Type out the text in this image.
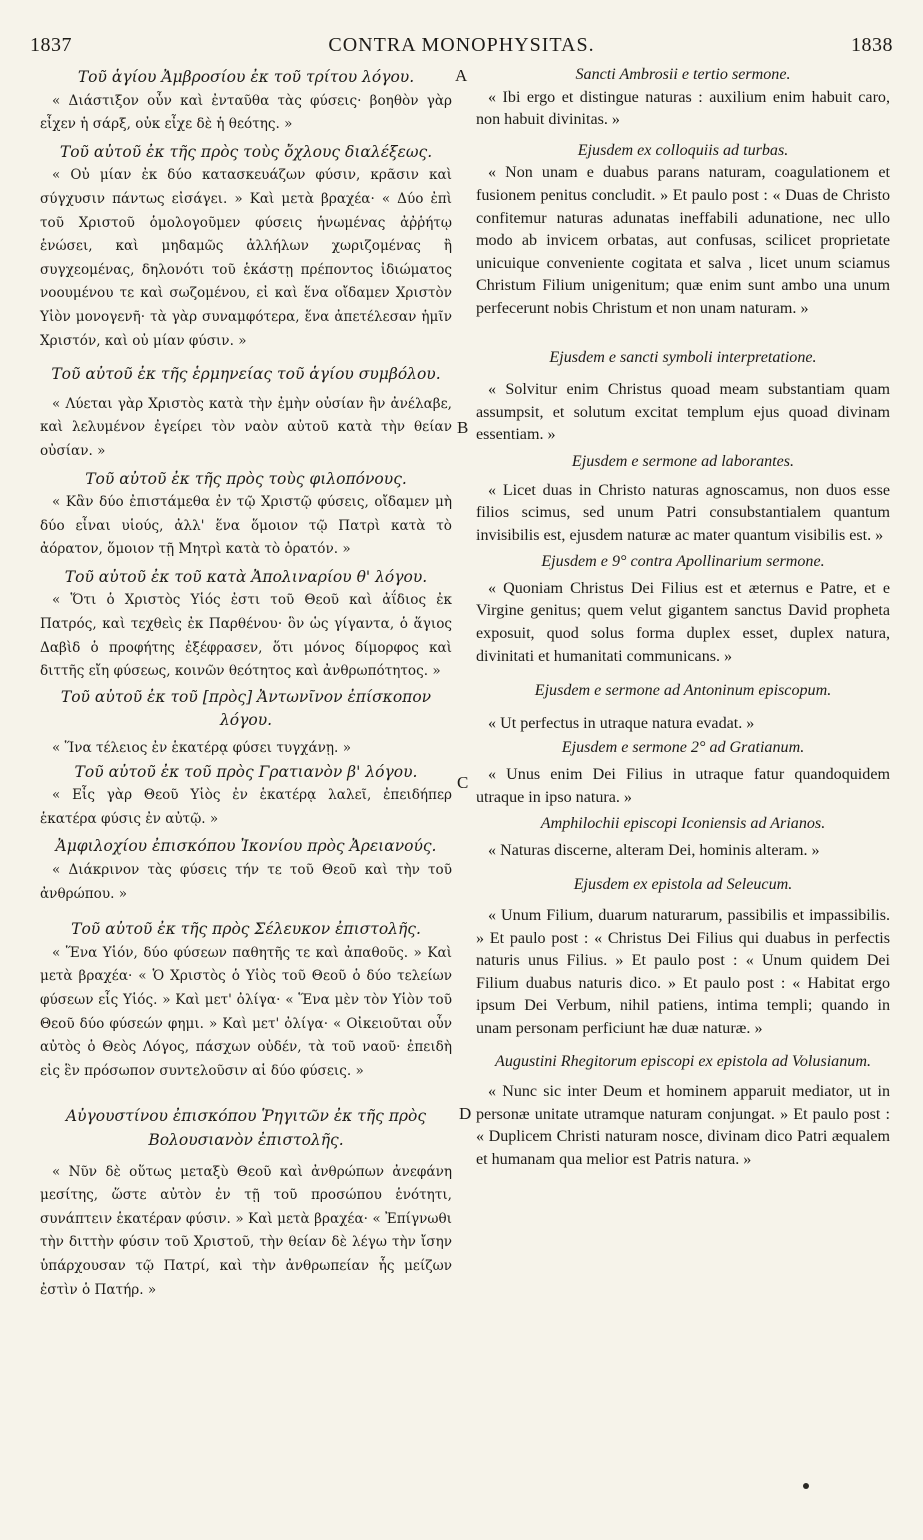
1837	CONTRA MONOPHYSITAS.	1838

Τοῦ ἁγίου Ἀμβροσίου ἐκ τοῦ τρίτου λόγου.

« Διάστιξον οὖν καὶ ἐνταῦθα τὰς φύσεις· βοηθὸν γὰρ εἶχεν ἡ σάρξ, οὐκ εἶχε δὲ ἡ θεότης. »

Τοῦ αὐτοῦ ἐκ τῆς πρὸς τοὺς ὄχλους διαλέξεως.

« Οὐ μίαν ἐκ δύο κατασκευάζων φύσιν, κρᾶσιν καὶ σύγχυσιν πάντως εἰσάγει. » Καὶ μετὰ βραχέα· « Δύο ἐπὶ τοῦ Χριστοῦ ὁμολογοῦμεν φύσεις ἡνωμένας ἀῤῥήτῳ ἑνώσει, καὶ μηδαμῶς ἀλλήλων χωριζομένας ἢ συγχεομένας, δηλονότι τοῦ ἑκάστῃ πρέποντος ἰδιώματος νοουμένου τε καὶ σωζομένου, εἰ καὶ ἕνα οἴδαμεν Χριστὸν Υἱὸν μονογενῆ· τὰ γὰρ συναμφότερα, ἕνα ἀπετέλεσαν ἡμῖν Χριστόν, καὶ οὐ μίαν φύσιν. »

Τοῦ αὐτοῦ ἐκ τῆς ἑρμηνείας τοῦ ἁγίου συμβόλου.

« Λύεται γὰρ Χριστὸς κατὰ τὴν ἐμὴν οὐσίαν ἣν ἀνέλαβε, καὶ λελυμένον ἐγείρει τὸν ναὸν αὐτοῦ κατὰ τὴν θείαν οὐσίαν. »

Τοῦ αὐτοῦ ἐκ τῆς πρὸς τοὺς φιλοπόνους.

« Κἂν δύο ἐπιστάμεθα ἐν τῷ Χριστῷ φύσεις, οἴδαμεν μὴ δύο εἶναι υἱούς, ἀλλ' ἕνα ὅμοιον τῷ Πατρὶ κατὰ τὸ ἀόρατον, ὅμοιον τῇ Μητρὶ κατὰ τὸ ὁρατόν. »

Τοῦ αὐτοῦ ἐκ τοῦ κατὰ Ἀπολιναρίου θ' λόγου.

« Ὅτι ὁ Χριστὸς Υἱός ἐστι τοῦ Θεοῦ καὶ ἀΐδιος ἐκ Πατρός, καὶ τεχθεὶς ἐκ Παρθένου· ὃν ὡς γίγαντα, ὁ ἅγιος Δαβὶδ ὁ προφήτης ἐξέφρασεν, ὅτι μόνος δίμορφος καὶ διττῆς εἴη φύσεως, κοινῶν θεότητος καὶ ἀνθρωπότητος. »

Τοῦ αὐτοῦ ἐκ τοῦ [πρὸς] Ἀντωνῖνον ἐπίσκοπον λόγου.

« Ἵνα τέλειος ἐν ἑκατέρᾳ φύσει τυγχάνῃ. »

Τοῦ αὐτοῦ ἐκ τοῦ πρὸς Γρατιανὸν β' λόγου.

« Εἷς γὰρ Θεοῦ Υἱὸς ἐν ἑκατέρᾳ λαλεῖ, ἐπειδήπερ ἑκατέρα φύσις ἐν αὐτῷ. »

Ἀμφιλοχίου ἐπισκόπου Ἰκονίου πρὸς Ἀρειανούς.

« Διάκρινον τὰς φύσεις τήν τε τοῦ Θεοῦ καὶ τὴν τοῦ ἀνθρώπου. »

Τοῦ αὐτοῦ ἐκ τῆς πρὸς Σέλευκον ἐπιστολῆς.

« Ἕνα Υἱόν, δύο φύσεων παθητῆς τε καὶ ἀπαθοῦς. » Καὶ μετὰ βραχέα· « Ὁ Χριστὸς ὁ Υἱὸς τοῦ Θεοῦ ὁ δύο τελείων φύσεων εἷς Υἱός. » Καὶ μετ' ὀλίγα· « Ἕνα μὲν τὸν Υἱὸν τοῦ Θεοῦ δύο φύσεών φημι. » Καὶ μετ' ὀλίγα· « Οἰκειοῦται οὖν αὐτὸς ὁ Θεὸς Λόγος, πάσχων οὐδέν, τὰ τοῦ ναοῦ· ἐπειδὴ εἰς ἓν πρόσωπον συντελοῦσιν αἱ δύο φύσεις. »

Αὐγουστίνου ἐπισκόπου Ῥηγιτῶν ἐκ τῆς πρὸς Βολουσιανὸν ἐπιστολῆς.

« Νῦν δὲ οὕτως μεταξὺ Θεοῦ καὶ ἀνθρώπων ἀνεφάνη μεσίτης, ὥστε αὐτὸν ἐν τῇ τοῦ προσώπου ἑνότητι, συνάπτειν ἑκατέραν φύσιν. » Καὶ μετὰ βραχέα· « Ἐπίγνωθι τὴν διττὴν φύσιν τοῦ Χριστοῦ, τὴν θείαν δὲ λέγω τὴν ἴσην ὑπάρχουσαν τῷ Πατρί, καὶ τὴν ἀνθρωπείαν ἧς μείζων ἐστὶν ὁ Πατήρ. »

Sancti Ambrosii e tertio sermone.

« Ibi ergo et distingue naturas : auxilium enim habuit caro, non habuit divinitas. »

Ejusdem ex colloquiis ad turbas.

« Non unam e duabus parans naturam, coagulationem et fusionem penitus concludit. » Et paulo post : « Duas de Christo confitemur naturas adunatas ineffabili adunatione, nec ullo modo ab invicem orbatas, aut confusas, scilicet proprietate unicuique conveniente cogitata et salva , licet unum sciamus Christum Filium unigenitum; quæ enim sunt ambo una unum perfecerunt nobis Christum et non unam naturam. »

Ejusdem e sancti symboli interpretatione.

« Solvitur enim Christus quoad meam substantiam quam assumpsit, et solutum excitat templum ejus quoad divinam essentiam. »

Ejusdem e sermone ad laborantes.

« Licet duas in Christo naturas agnoscamus, non duos esse filios scimus, sed unum Patri consubstantialem quantum invisibilis est, ejusdem naturæ ac mater quantum visibilis est. »

Ejusdem e 9° contra Apollinarium sermone.

« Quoniam Christus Dei Filius est et æternus e Patre, et e Virgine genitus; quem velut gigantem sanctus David propheta exposuit, quod solus forma duplex esset, duplex natura, divinitati et humanitati communicans. »

Ejusdem e sermone ad Antoninum episcopum.

« Ut perfectus in utraque natura evadat. »

Ejusdem e sermone 2° ad Gratianum.

« Unus enim Dei Filius in utraque fatur quandoquidem utraque in ipso natura. »

Amphilochii episcopi Iconiensis ad Arianos.

« Naturas discerne, alteram Dei, hominis alteram. »

Ejusdem ex epistola ad Seleucum.

« Unum Filium, duarum naturarum, passibilis et impassibilis. » Et paulo post : « Christus Dei Filius qui duabus in perfectis naturis unus Filius. » Et paulo post : « Unum quidem Dei Filium duabus naturis dico. » Et paulo post : « Habitat ergo ipsum Dei Verbum, nihil patiens, intima templi; quando in unam personam perficiunt hæ duæ naturæ. »

Augustini Rhegitorum episcopi ex epistola ad Volusianum.

« Nunc sic inter Deum et hominem apparuit mediator, ut in personæ unitate utramque naturam conjungat. » Et paulo post : « Duplicem Christi naturam nosce, divinam dico Patri æqualem et humanam qua melior est Patris natura. »

A
B
C
D
